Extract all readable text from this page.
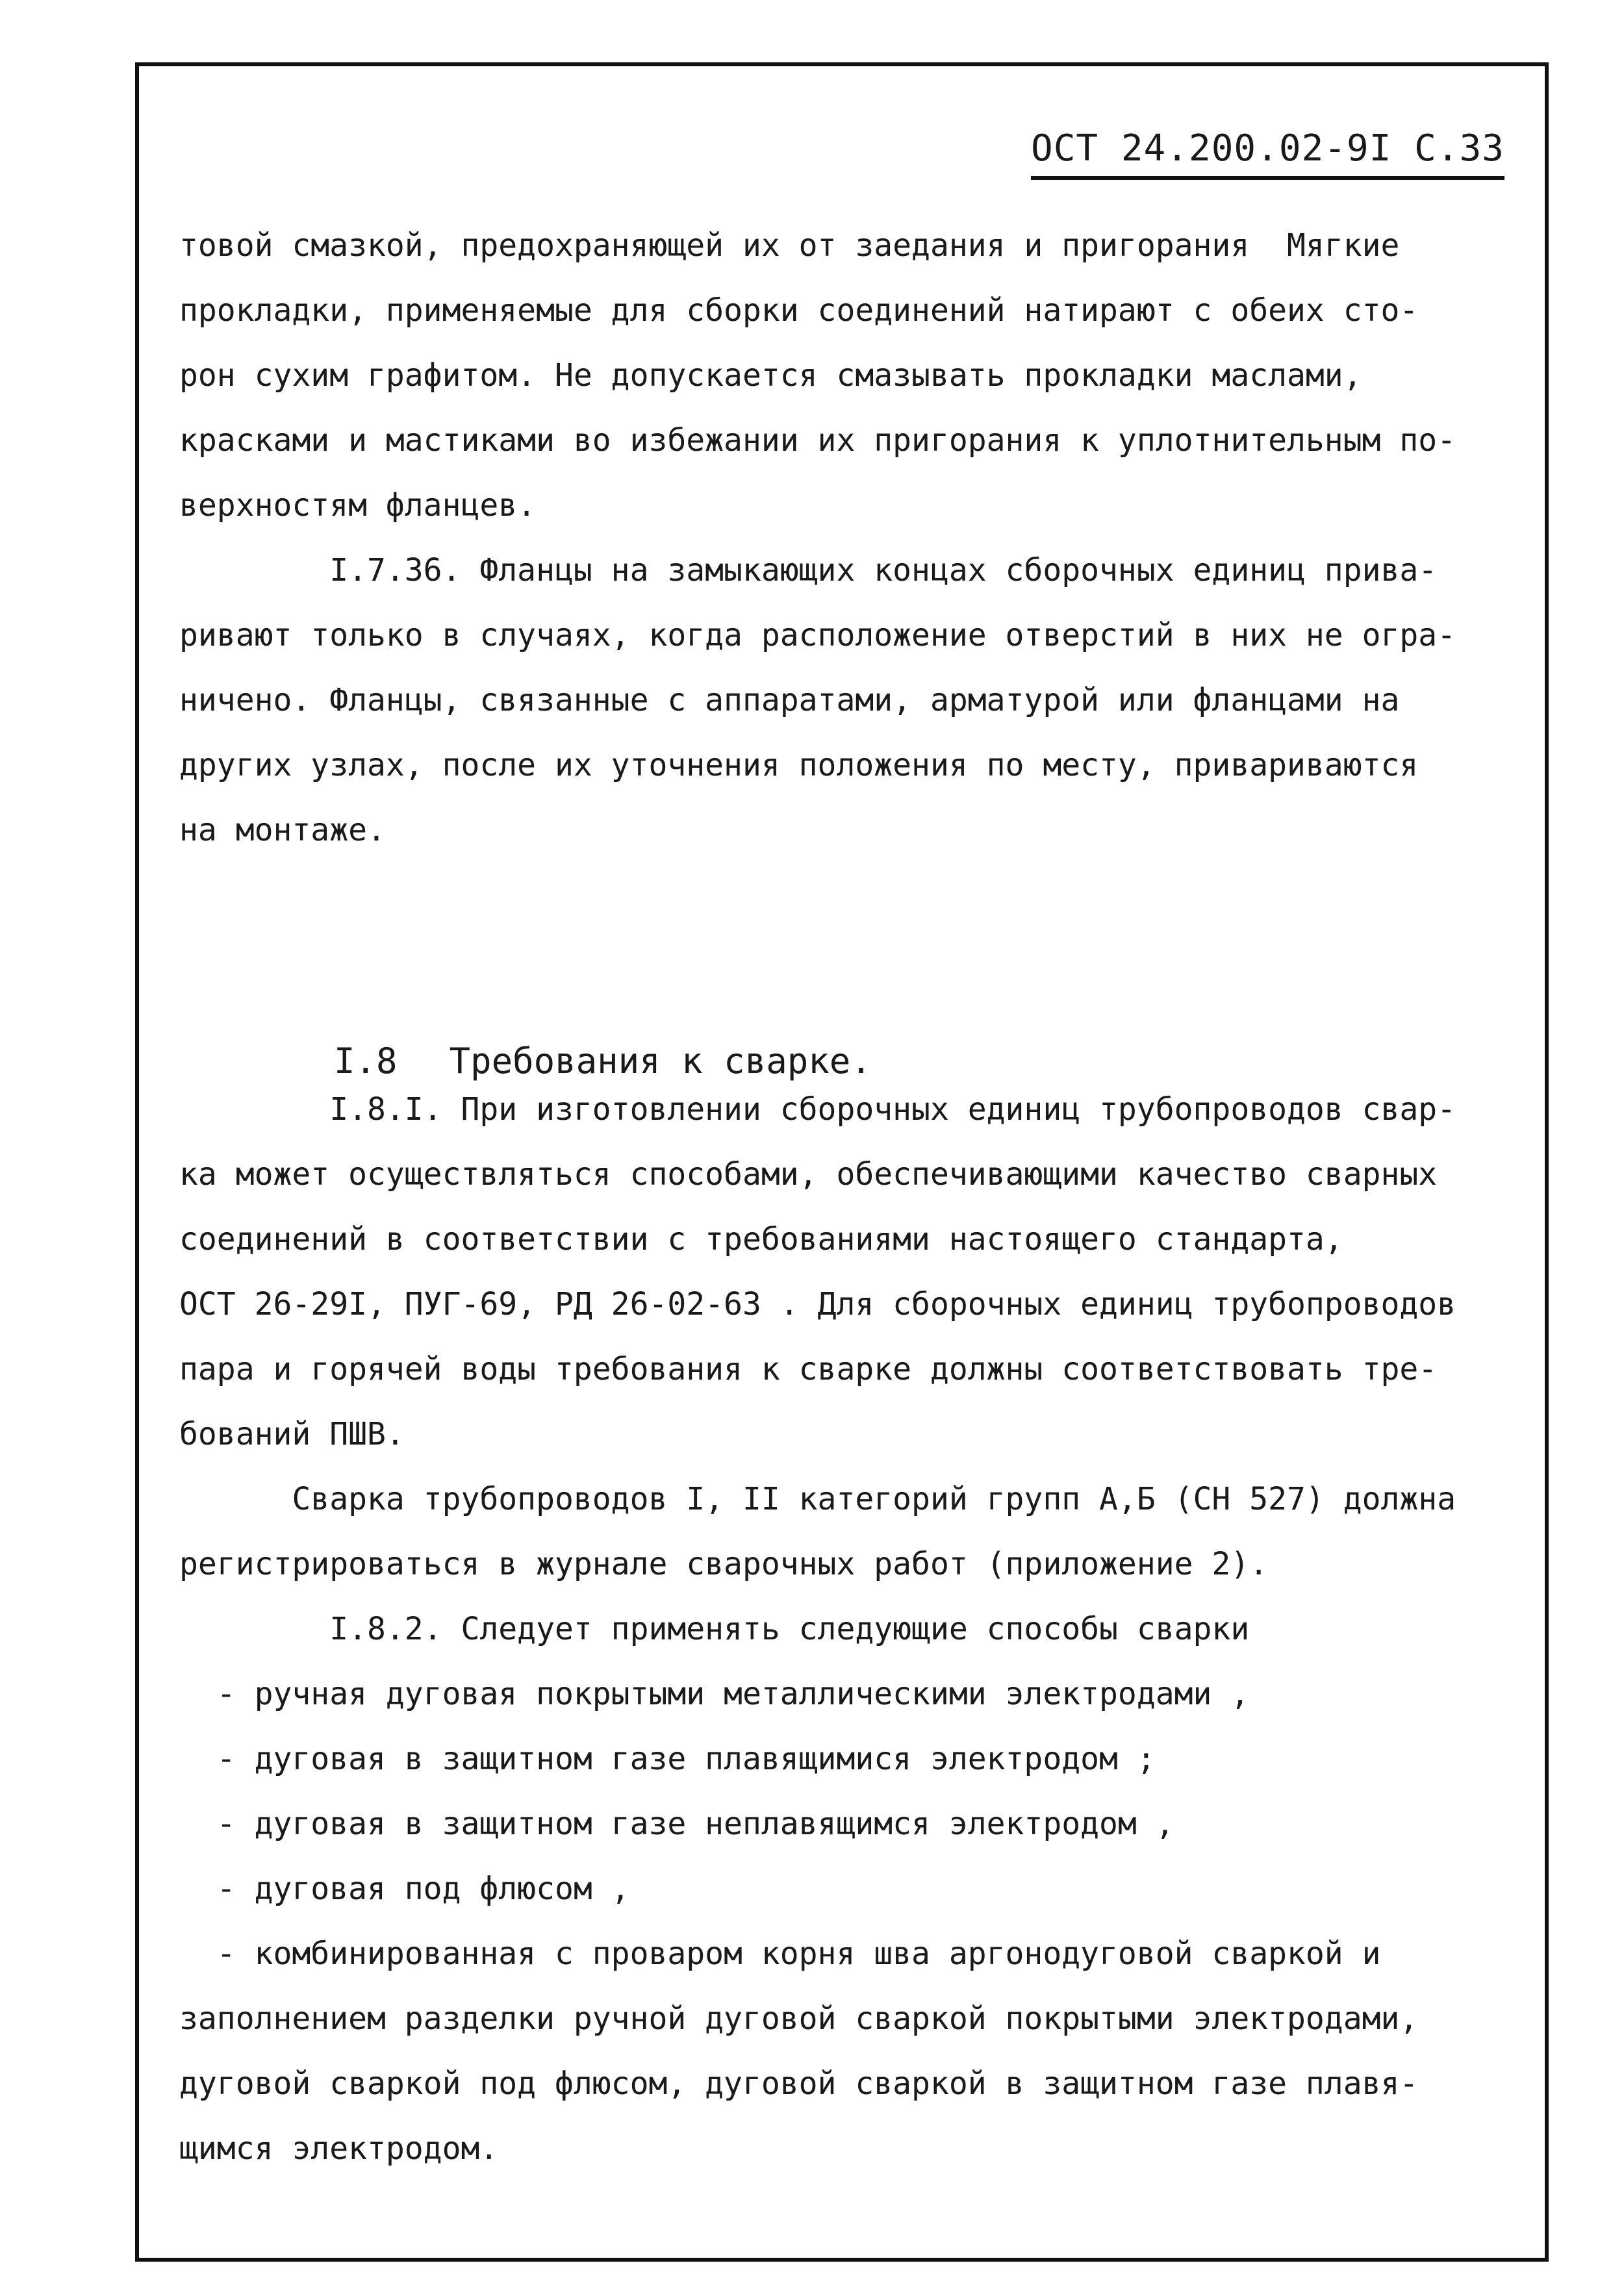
ОСТ 24.200.02-9I С.33
товой смазкой, предохраняющей их от заедания и пригорания  Мягкие
прокладки, применяемые для сборки соединений натирают с обеих сто-
рон сухим графитом. Не допускается смазывать прокладки маслами,
красками и мастиками во избежании их пригорания к уплотнительным по-
верхностям фланцев.
I.7.36. Фланцы на замыкающих концах сборочных единиц прива-
ривают только в случаях, когда расположение отверстий в них не огра-
ничено. Фланцы, связанные с аппаратами, арматурой или фланцами на
других узлах, после их уточнения положения по месту, привариваются
на монтаже.
I.8 Требования к сварке.
I.8.I. При изготовлении сборочных единиц трубопроводов свар-
ка может осуществляться способами, обеспечивающими качество сварных
соединений в соответствии с требованиями настоящего стандарта,
ОСТ 26-29I, ПУГ-69, РД 26-02-63 . Для сборочных единиц трубопроводов
пара и горячей воды требования к сварке должны соответствовать тре-
бований ПШВ.
Сварка трубопроводов I, II категорий групп А,Б (СН 527) должна
регистрироваться в журнале сварочных работ (приложение 2).
I.8.2. Следует применять следующие способы сварки
- ручная дуговая покрытыми металлическими электродами ,
- дуговая в защитном газе плавящимися электродом ;
- дуговая в защитном газе неплавящимся электродом ,
- дуговая под флюсом ,
- комбинированная с проваром корня шва аргонодуговой сваркой и
заполнением разделки ручной дуговой сваркой покрытыми электродами,
дуговой сваркой под флюсом, дуговой сваркой в защитном газе плавя-
щимся электродом.
